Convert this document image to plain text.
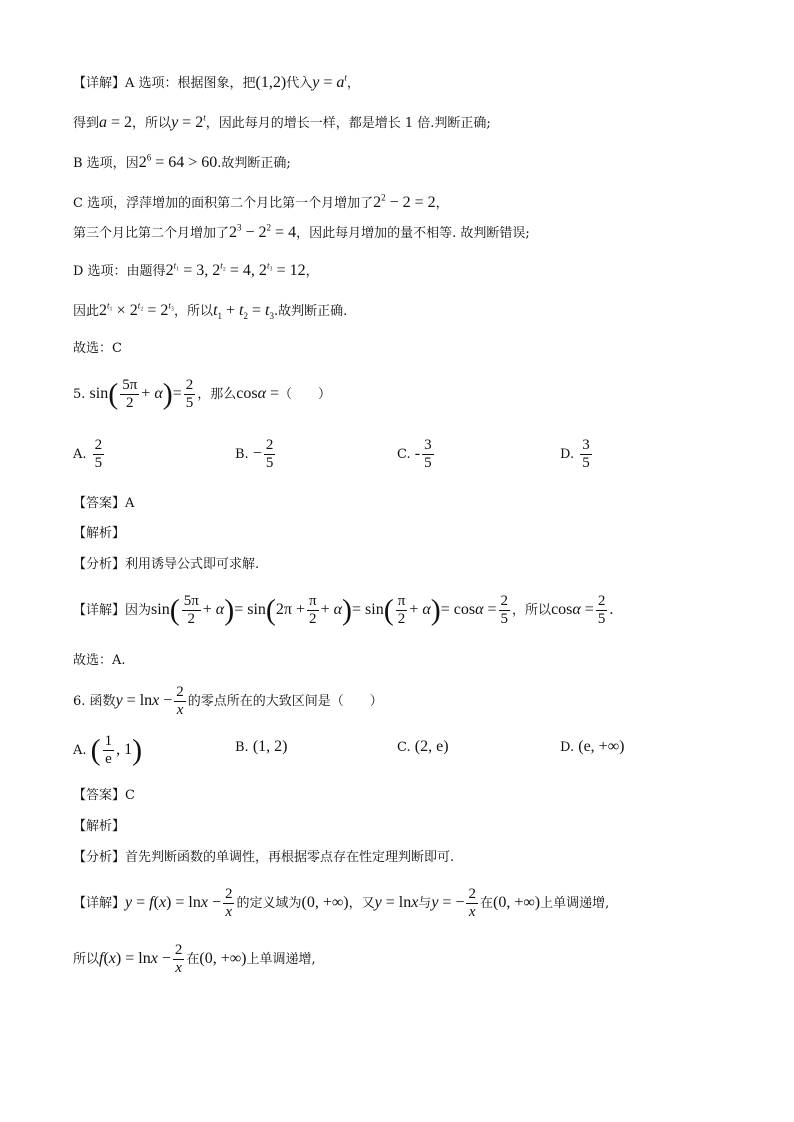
【详解】A 选项：根据图象，把(1,2)代入$y = a^t$，
得到a = 2，所以$y = 2^t$，因此每月的增长一样，都是增长 1 倍.判断正确;
B 选项，因$2^6 = 64 > 60$.故判断正确;
C 选项，浮萍增加的面积第二个月比第一个月增加了$2^2 - 2 = 2$，
第三个月比第二个月增加了$2^3 - 2^2 = 4$，因此每月增加的量不相等. 故判断错误;
D 选项：由题得$2^{t_1} = 3$, $2^{t_2} = 4$, $2^{t_3} = 12$，
因此$2^{t_1} \times 2^{t_2} = 2^{t_3}$，所以$t_1 + t_2 = t_3$.故判断正确.
故选：C
5. $\sin( \frac{5\pi}{2} + \alpha)= \frac{2}{5}$ ，那么cosα =（　　）
A. $\frac{2}{5}$	B. − $\frac{2}{5}$	C. - $\frac{3}{5}$	D. $\frac{3}{5}$
【答案】A
【解析】
【分析】利用诱导公式即可求解.
【详解】因为$\sin( \frac{5\pi}{2} + \alpha)= \sin(2\pi + \frac{\pi}{2} + \alpha)= \sin( \frac{\pi}{2} + \alpha)= \cos\alpha = \frac{2}{5}$ ，所以$\cos\alpha = \frac{2}{5}$ .
故选：A.
6. 函数$y = \ln x - \frac{2}{x}$ 的零点所在的大致区间是（　　）
A. ( $\frac{1}{e}$ , 1)	B. (1, 2)	C. (2, e)	D. (e, +∞)
【答案】C
【解析】
【分析】首先判断函数的单调性，再根据零点存在性定理判断即可.
【详解】$y = f(x) = \ln x - \frac{2}{x}$ 的定义域为(0, +∞)，又y = lnx与y = − $\frac{2}{x}$ 在(0, +∞)上单调递增,
所以$f(x) = \ln x - \frac{2}{x}$ 在(0, +∞)上单调递增,
